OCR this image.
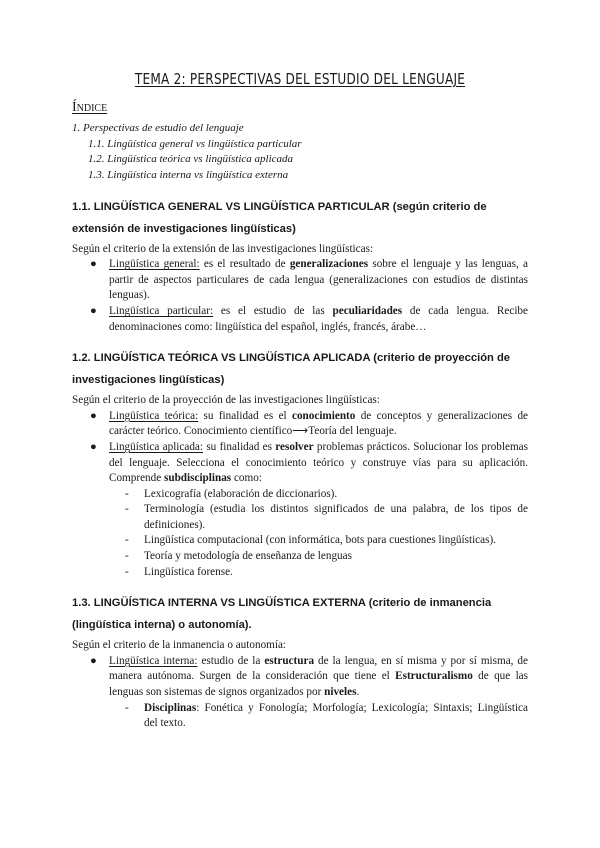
TEMA 2: PERSPECTIVAS DEL ESTUDIO DEL LENGUAJE
Índice
1. Perspectivas de estudio del lenguaje
1.1. Lingüística general vs lingüística particular
1.2. Lingüística teórica vs lingüística aplicada
1.3. Lingüística interna vs lingüística externa
1.1. LINGÜÍSTICA GENERAL VS LINGÜÍSTICA PARTICULAR (según criterio de extensión de investigaciones lingüísticas)

Según el criterio de la extensión de las investigaciones lingüísticas:

● Lingüística general: es el resultado de generalizaciones sobre el lenguaje y las lenguas, a partir de aspectos particulares de cada lengua (generalizaciones con estudios de distintas lenguas).
● Lingüística particular: es el estudio de las peculiaridades de cada lengua. Recibe denominaciones como: lingüística del español, inglés, francés, árabe…
1.2. LINGÜÍSTICA TEÓRICA VS LINGÜÍSTICA APLICADA (criterio de proyección de investigaciones lingüísticas)

Según el criterio de la proyección de las investigaciones lingüísticas:

● Lingüística teórica: su finalidad es el conocimiento de conceptos y generalizaciones de carácter teórico. Conocimiento científico⟶Teoría del lenguaje.
● Lingüística aplicada: su finalidad es resolver problemas prácticos. Solucionar los problemas del lenguaje. Selecciona el conocimiento teórico y construye vías para su aplicación. Comprende subdisciplinas como:
- Lexicografía (elaboración de diccionarios).
- Terminología (estudia los distintos significados de una palabra, de los tipos de definiciones).
- Lingüística computacional (con informática, bots para cuestiones lingüísticas).
- Teoría y metodología de enseñanza de lenguas
- Lingüística forense.
1.3. LINGÜÍSTICA INTERNA VS LINGÜÍSTICA EXTERNA (criterio de inmanencia (lingüística interna) o autonomía).

Según el criterio de la inmanencia o autonomía:

● Lingüística interna: estudio de la estructura de la lengua, en sí misma y por sí misma, de manera autónoma. Surgen de la consideración que tiene el Estructuralismo de que las lenguas son sistemas de signos organizados por niveles.
- Disciplinas: Fonética y Fonología; Morfología; Lexicología; Sintaxis; Lingüística del texto.
